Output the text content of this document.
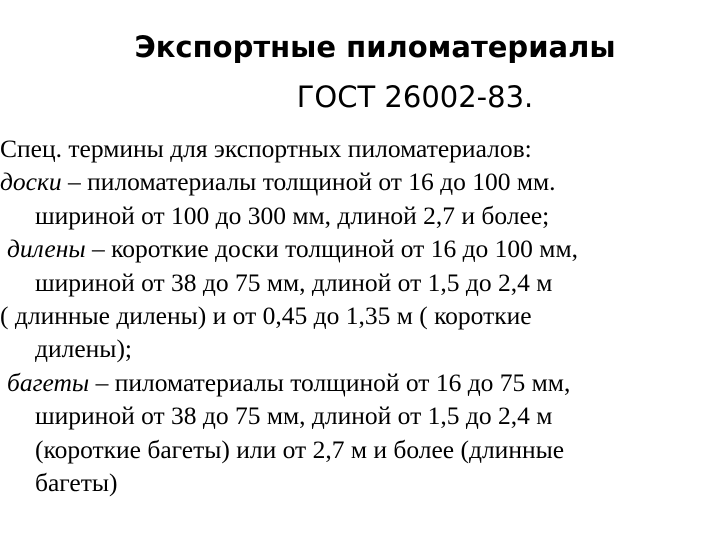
Экспортные пиломатериалы
ГОСТ 26002-83.
Спец. термины для экспортных пиломатериалов:
доски – пиломатериалы толщиной от 16 до 100 мм.
шириной от 100 до 300 мм, длиной 2,7 и более;
дилены – короткие доски толщиной от 16 до 100 мм,
шириной от 38 до 75 мм, длиной от 1,5 до 2,4 м
( длинные дилены) и от 0,45 до 1,35 м ( короткие
дилены);
багеты – пиломатериалы толщиной от 16 до 75 мм,
шириной от 38 до 75 мм, длиной от 1,5 до 2,4 м
(короткие багеты) или от 2,7 м и более (длинные
багеты)
